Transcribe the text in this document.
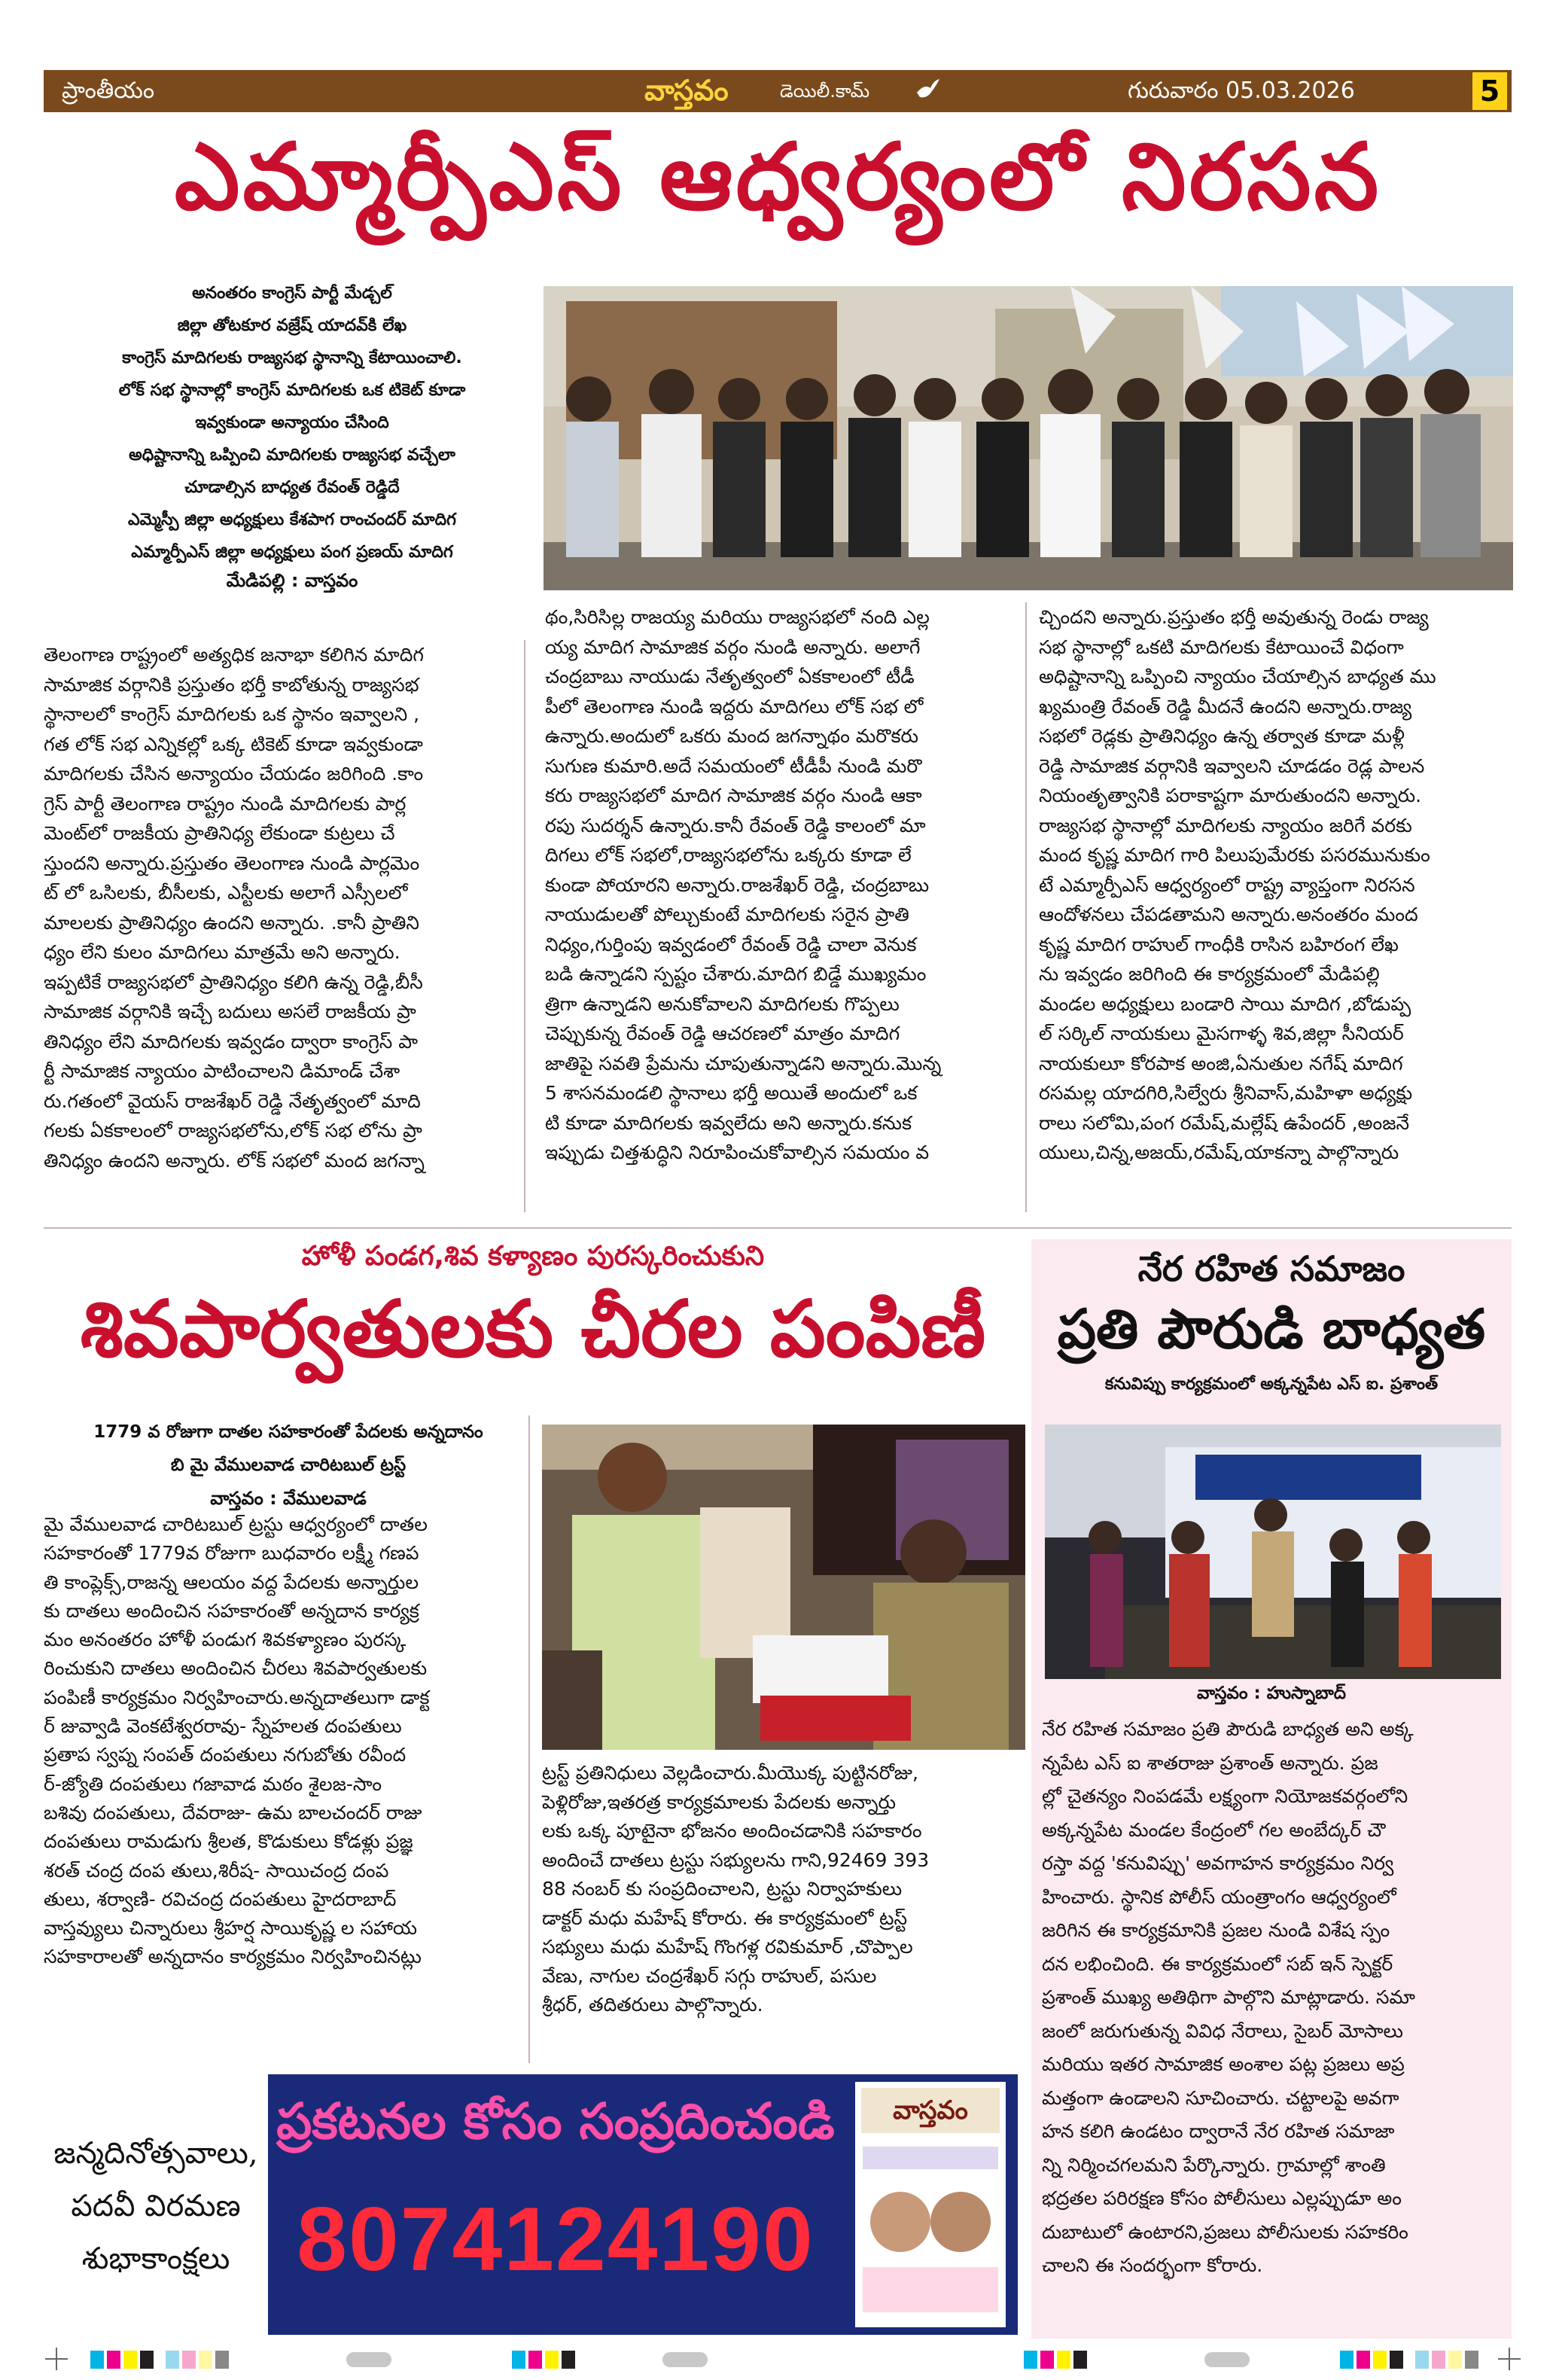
ప్రాంతీయం	వాస్తవం	డెయిలీ.కామ్	గురువారం 05.03.2026	5
ఎమ్మార్పీఎస్ ఆధ్వర్యంలో నిరసన
అనంతరం కాంగ్రెస్ పార్టీ మేడ్చల్
జిల్లా తోటకూర వజ్రేష్ యాదవ్‌కి లేఖ
కాంగ్రెస్ మాదిగలకు రాజ్యసభ స్థానాన్ని కేటాయించాలి.
లోక్ సభ స్థానాల్లో కాంగ్రెస్ మాదిగలకు ఒక టికెట్ కూడా
ఇవ్వకుండా అన్యాయం చేసింది
అధిష్టానాన్ని ఒప్పించి మాదిగలకు రాజ్యసభ వచ్చేలా
చూడాల్సిన బాధ్యత రేవంత్ రెడ్డిదే
ఎమ్మెస్పీ జిల్లా అధ్యక్షులు కేశపాగ రాంచందర్ మాదిగ
ఎమ్మార్పీఎస్ జిల్లా అధ్యక్షులు పంగ ప్రణయ్ మాదిగ
మేడిపల్లి : వాస్తవం

తెలంగాణ రాష్ట్రంలో అత్యధిక జనాభా కలిగిన మాదిగ

సామాజిక వర్గానికి ప్రస్తుతం భర్తీ కాబోతున్న రాజ్యసభ

స్థానాలలో కాంగ్రెస్ మాదిగలకు ఒక స్థానం ఇవ్వాలని ,

గత లోక్ సభ ఎన్నికల్లో ఒక్క టికెట్ కూడా ఇవ్వకుండా

మాదిగలకు చేసిన అన్యాయం చేయడం జరిగింది .కాం

గ్రెస్ పార్టీ తెలంగాణ రాష్ట్రం నుండి మాదిగలకు పార్ల

మెంట్‌లో రాజకీయ ప్రాతినిధ్య లేకుండా కుట్రలు చే

స్తుందని అన్నారు.ప్రస్తుతం తెలంగాణ నుండి పార్లమెం

ట్ లో ఒసిలకు, బీసీలకు, ఎస్టీలకు అలాగే ఎస్సీలలో

మాలలకు ప్రాతినిధ్యం ఉందని అన్నారు. .కానీ ప్రాతిని

ధ్యం లేని కులం మాదిగలు మాత్రమే అని అన్నారు.

ఇప్పటికే రాజ్యసభలో ప్రాతినిధ్యం కలిగి ఉన్న రెడ్డి,బీసీ

సామాజిక వర్గానికి ఇచ్చే బదులు అసలే రాజకీయ ప్రా

తినిధ్యం లేని మాదిగలకు ఇవ్వడం ద్వారా కాంగ్రెస్ పా

ర్టీ సామాజిక న్యాయం పాటించాలని డిమాండ్ చేశా

రు.గతంలో వైయస్ రాజశేఖర్ రెడ్డి నేతృత్వంలో మాది

గలకు ఏకకాలంలో రాజ్యసభలోను,లోక్ సభ లోను ప్రా

తినిధ్యం ఉందని అన్నారు. లోక్ సభలో మంద జగన్నా

థం,సిరిసిల్ల రాజయ్య మరియు రాజ్యసభలో నంది ఎల్ల

య్య మాదిగ సామాజిక వర్గం నుండి అన్నారు. అలాగే

చంద్రబాబు నాయుడు నేతృత్వంలో ఏకకాలంలో టీడీ

పీలో తెలంగాణ నుండి ఇద్దరు మాదిగలు లోక్ సభ లో

ఉన్నారు.అందులో ఒకరు మంద జగన్నాథం మరొకరు

సుగుణ కుమారి.అదే సమయంలో టీడీపీ నుండి మరొ

కరు రాజ్యసభలో మాదిగ సామాజిక వర్గం నుండి ఆకా

రపు సుదర్శన్ ఉన్నారు.కానీ రేవంత్ రెడ్డి కాలంలో మా

దిగలు లోక్ సభలో,రాజ్యసభలోను ఒక్కరు కూడా లే

కుండా పోయారని అన్నారు.రాజశేఖర్ రెడ్డి, చంద్రబాబు

నాయుడులతో పోల్చుకుంటే మాదిగలకు సరైన ప్రాతి

నిధ్యం,గుర్తింపు ఇవ్వడంలో రేవంత్ రెడ్డి చాలా వెనుక

బడి ఉన్నాడని స్పష్టం చేశారు.మాదిగ బిడ్డే ముఖ్యమం

త్రిగా ఉన్నాడని అనుకోవాలని మాదిగలకు గొప్పలు

చెప్పుకున్న రేవంత్ రెడ్డి ఆచరణలో మాత్రం మాదిగ

జాతిపై సవతి ప్రేమను చూపుతున్నాడని అన్నారు.మొన్న

5 శాసనమండలి స్థానాలు భర్తీ అయితే అందులో ఒక

టి కూడా మాదిగలకు ఇవ్వలేదు అని అన్నారు.కనుక

ఇప్పుడు చిత్తశుద్ధిని నిరూపించుకోవాల్సిన సమయం వ

చ్చిందని అన్నారు.ప్రస్తుతం భర్తీ అవుతున్న రెండు రాజ్య

సభ స్థానాల్లో ఒకటి మాదిగలకు కేటాయించే విధంగా

అధిష్టానాన్ని ఒప్పించి న్యాయం చేయాల్సిన బాధ్యత ము

ఖ్యమంత్రి రేవంత్ రెడ్డి మీదనే ఉందని అన్నారు.రాజ్య

సభలో రెడ్లకు ప్రాతినిధ్యం ఉన్న తర్వాత కూడా మళ్లీ

రెడ్డి సామాజిక వర్గానికి ఇవ్వాలని చూడడం రెడ్ల పాలన

నియంతృత్వానికి పరాకాష్టగా మారుతుందని అన్నారు.

రాజ్యసభ స్థానాల్లో మాదిగలకు న్యాయం జరిగే వరకు

మంద కృష్ణ మాదిగ గారి పిలుపుమేరకు పసరమునుకుం

టే ఎమ్మార్పీఎస్ ఆధ్వర్యంలో రాష్ట్ర వ్యాప్తంగా నిరసన

ఆందోళనలు చేపడతామని అన్నారు.అనంతరం మంద

కృష్ణ మాదిగ రాహుల్ గాంధీకి రాసిన బహిరంగ లేఖ

ను ఇవ్వడం జరిగింది ఈ కార్యక్రమంలో మేడిపల్లి

మండల అధ్యక్షులు బండారి సాయి మాదిగ ,బోడుప్ప

ల్ సర్కిల్ నాయకులు మైసగాళ్ళ శివ,జిల్లా సీనియర్

నాయకులూ కోరపాక అంజి,ఏనుతుల నగేష్ మాదిగ

రసమల్ల యాదగిరి,సిల్వేరు శ్రీనివాస్,మహిళా అధ్యక్షు

రాలు సలోమి,పంగ రమేష్,మల్లేష్ ఉపేందర్ ,అంజనే

యులు,చిన్న,అజయ్,రమేష్,యాకన్నా పాల్గొన్నారు

హోళీ పండగ,శివ కళ్యాణం పురస్కరించుకుని
శివపార్వతులకు చీరల పంపిణీ
1779 వ రోజుగా దాతల సహకారంతో పేదలకు అన్నదానం
బి మై వేములవాడ చారిటబుల్ ట్రస్ట్
వాస్తవం : వేములవాడ

మై వేములవాడ చారిటబుల్ ట్రస్టు ఆధ్వర్యంలో దాతల

సహకారంతో 1779వ రోజుగా బుధవారం లక్ష్మీ గణప

తి కాంప్లెక్స్,రాజన్న ఆలయం వద్ద పేదలకు అన్నార్తుల

కు దాతలు అందించిన సహకారంతో అన్నదాన కార్యక్ర

మం అనంతరం హోళీ పండుగ శివకళ్యాణం పురస్క

రించుకుని దాతలు అందించిన చీరలు శివపార్వతులకు

పంపిణీ కార్యక్రమం నిర్వహించారు.అన్నదాతలుగా డాక్ట

ర్ జువ్వాడి వెంకటేశ్వరరావు- స్నేహలత దంపతులు

ప్రతాప స్వప్న సంపత్ దంపతులు నగుబోతు రవీంద

ర్-జ్యోతి దంపతులు గజావాడ మఠం శైలజ-సాం

బశివు దంపతులు, దేవరాజు- ఉమ బాలచందర్ రాజు

దంపతులు రామడుగు శ్రీలత, కొడుకులు కోడళ్లు ప్రజ్ఞ

శరత్ చంద్ర దంప తులు,శిరీష- సాయిచంద్ర దంప

తులు, శర్వాణి- రవిచంద్ర దంపతులు హైదరాబాద్

వాస్తవ్యులు చిన్నారులు శ్రీహర్ష సాయికృష్ణ ల సహాయ

సహకారాలతో అన్నదానం కార్యక్రమం నిర్వహించినట్లు

ట్రస్ట్ ప్రతినిధులు వెల్లడించారు.మీయొక్క పుట్టినరోజు,

పెళ్లిరోజు,ఇతరత్ర కార్యక్రమాలకు పేదలకు అన్నార్తు

లకు ఒక్క పూటైనా భోజనం అందించడానికి సహకారం

అందించే దాతలు ట్రస్టు సభ్యులను గాని,92469 393

88 నంబర్ కు సంప్రదించాలని, ట్రస్టు నిర్వాహకులు

డాక్టర్ మధు మహేష్ కోరారు. ఈ కార్యక్రమంలో ట్రస్ట్

సభ్యులు మధు మహేష్ గొంగళ్ల రవికుమార్ ,చొప్పాల

వేణు, నాగుల చంద్రశేఖర్ సగ్గు రాహుల్, పసుల

శ్రీధర్, తదితరులు పాల్గొన్నారు.

నేర రహిత సమాజం
ప్రతి పౌరుడి బాధ్యత
కనువిప్పు కార్యక్రమంలో అక్కన్నపేట ఎస్ ఐ. ప్రశాంత్
వాస్తవం : హుస్నాబాద్

నేర రహిత సమాజం ప్రతి పౌరుడి బాధ్యత అని అక్క

న్నపేట ఎస్ ఐ శాతరాజు ప్రశాంత్ అన్నారు. ప్రజ

ల్లో చైతన్యం నింపడమే లక్ష్యంగా నియోజకవర్గంలోని

అక్కన్నపేట మండల కేంద్రంలో గల అంబేద్కర్ చౌ

రస్తా వద్ద 'కనువిప్పు' అవగాహన కార్యక్రమం నిర్వ

హించారు. స్థానిక పోలీస్ యంత్రాంగం ఆధ్వర్యంలో

జరిగిన ఈ కార్యక్రమానికి ప్రజల నుండి విశేష స్పం

దన లభించింది. ఈ కార్యక్రమంలో సబ్ ఇన్ స్పెక్టర్

ప్రశాంత్ ముఖ్య అతిథిగా పాల్గొని మాట్లాడారు. సమా

జంలో జరుగుతున్న వివిధ నేరాలు, సైబర్ మోసాలు

మరియు ఇతర సామాజిక అంశాల పట్ల ప్రజలు అప్ర

మత్తంగా ఉండాలని సూచించారు. చట్టాలపై అవగా

హన కలిగి ఉండటం ద్వారానే నేర రహిత సమాజా

న్ని నిర్మించగలమని పేర్కొన్నారు. గ్రామాల్లో శాంతి

భద్రతల పరిరక్షణ కోసం పోలీసులు ఎల్లప్పుడూ అం

దుబాటులో ఉంటారని,ప్రజలు పోలీసులకు సహకరిం

చాలని ఈ సందర్భంగా కోరారు.

జన్మదినోత్సవాలు,
పదవీ విరమణ
శుభాకాంక్షలు
ప్రకటనల కోసం సంప్రదించండి
8074124190
వాస్తవం
